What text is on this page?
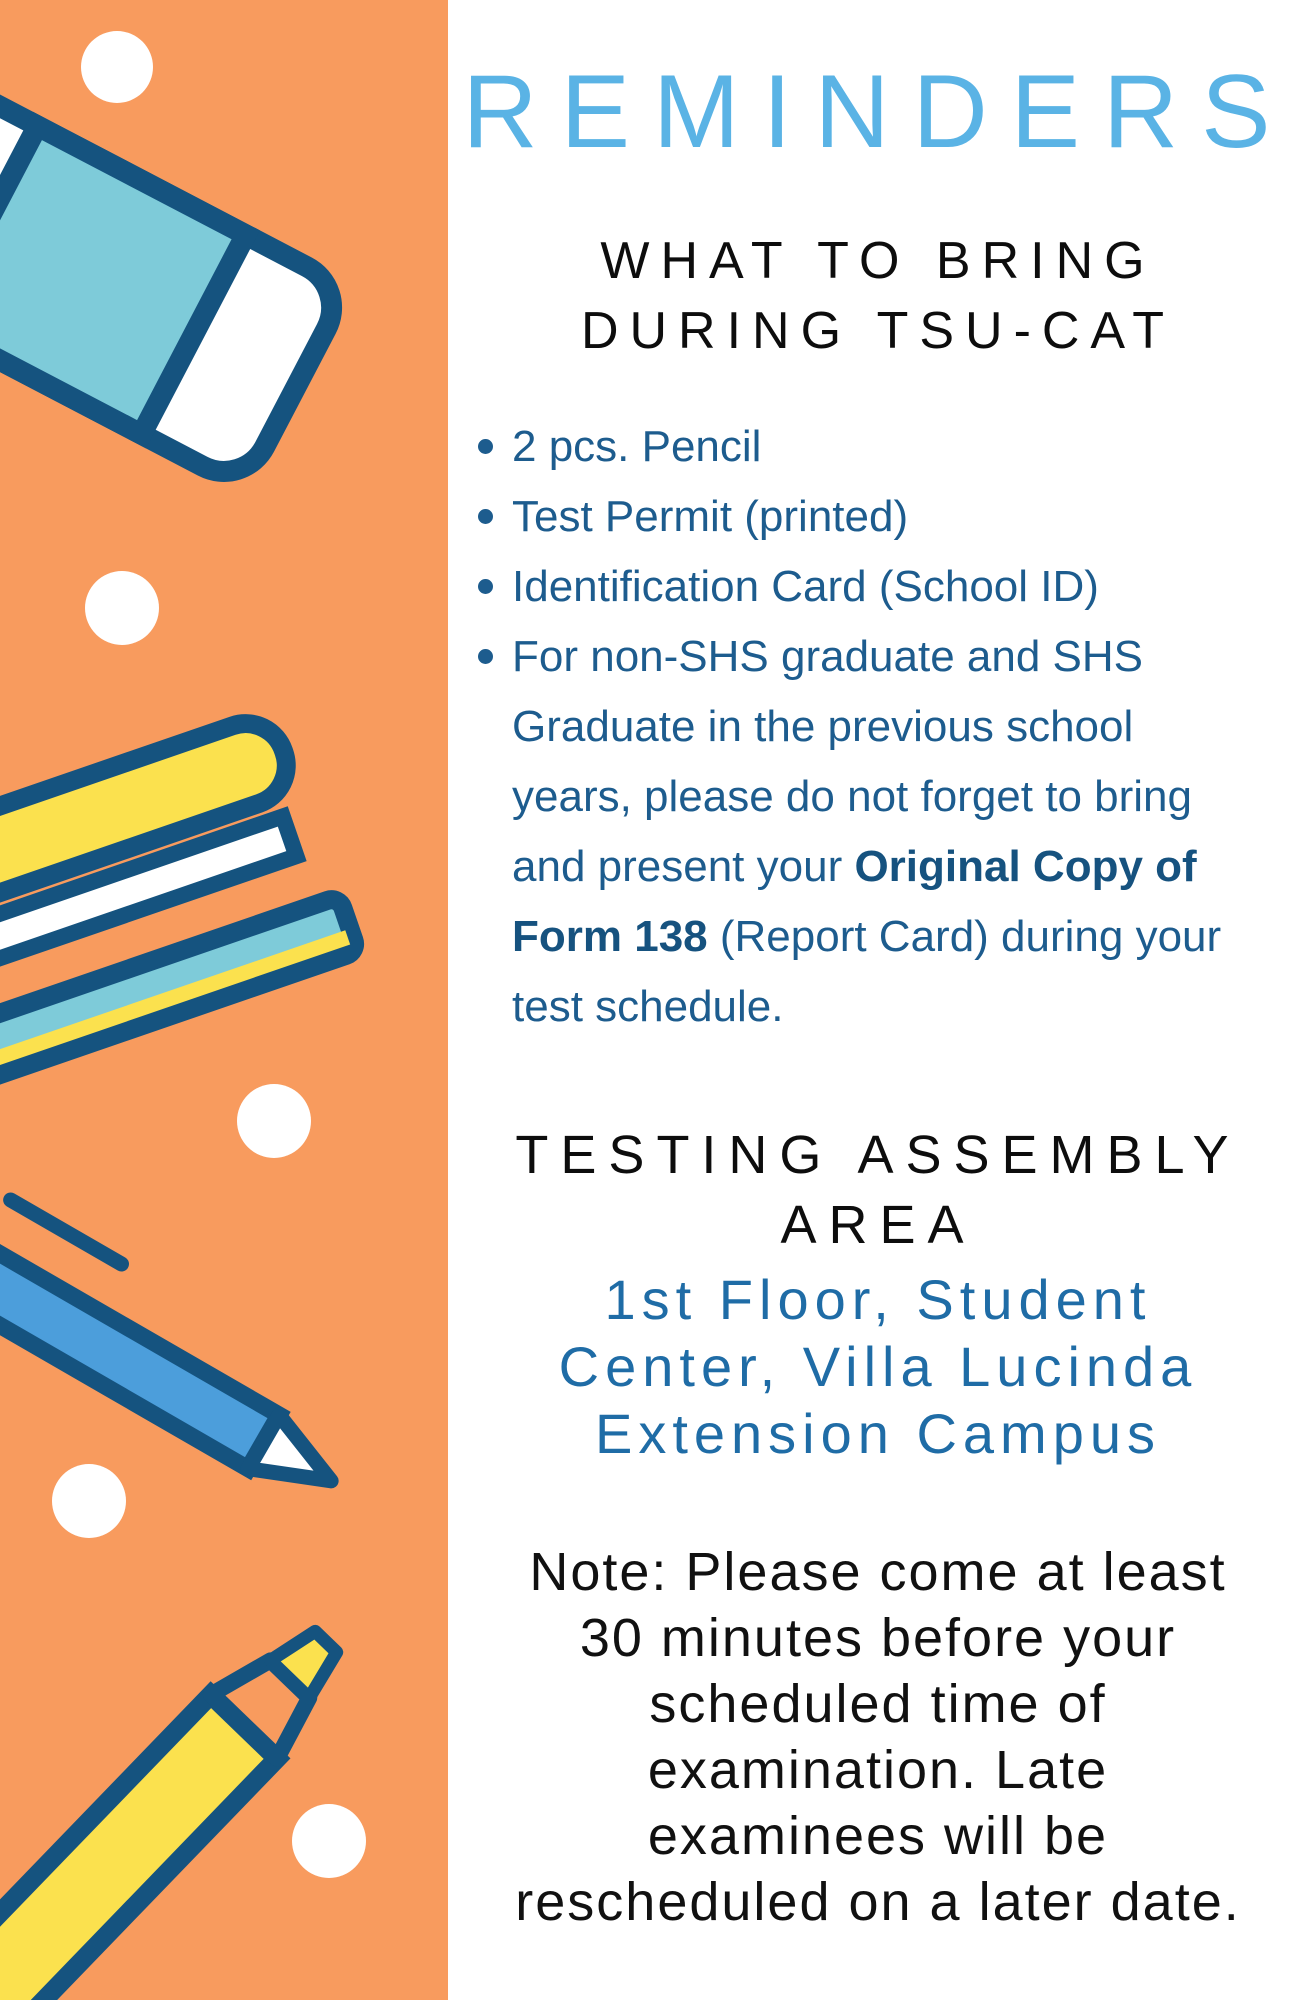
REMINDERS
WHAT TO BRING
DURING TSU-CAT
2 pcs. Pencil
Test Permit (printed)
Identification Card (School ID)
For non-SHS graduate and SHS Graduate in the previous school years, please do not forget to bring and present your Original Copy of Form 138 (Report Card) during your test schedule.
TESTING ASSEMBLY
AREA
1st Floor, Student
Center, Villa Lucinda
Extension Campus
Note: Please come at least
30 minutes before your
scheduled time of
examination. Late
examinees will be
rescheduled on a later date.
